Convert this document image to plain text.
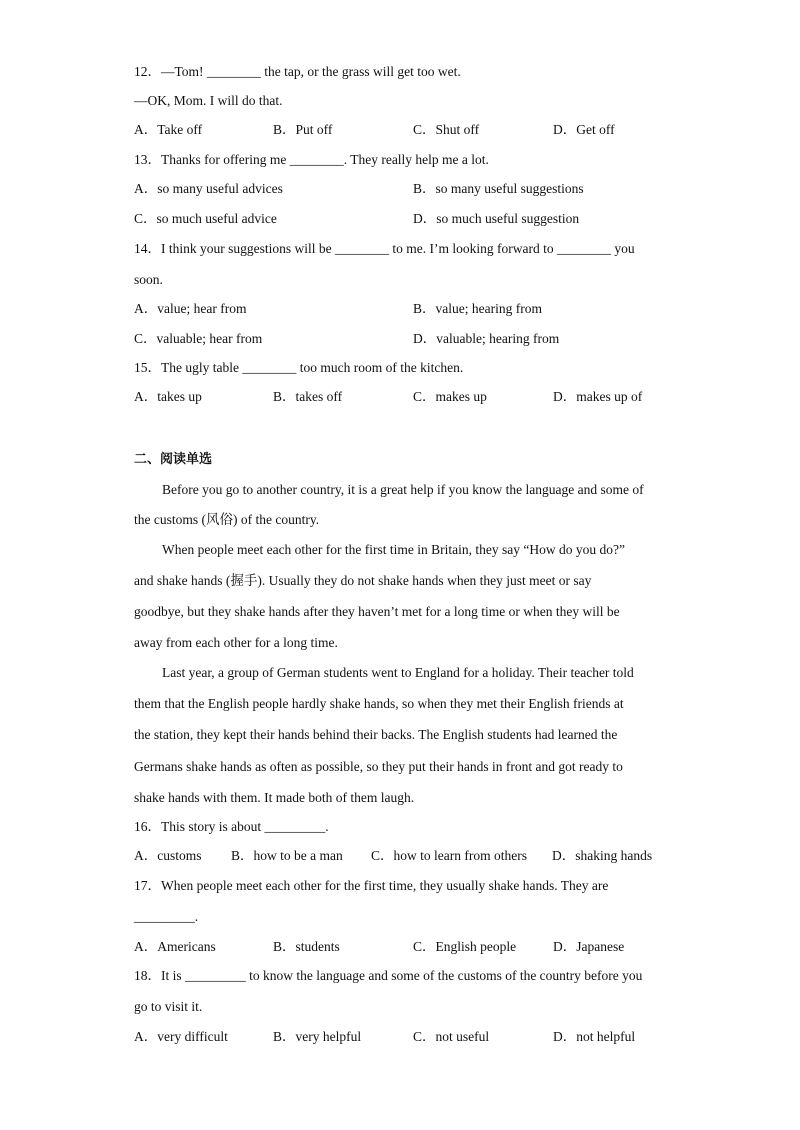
12．—Tom! ________ the tap, or the grass will get too wet.
—OK, Mom. I will do that.
A．Take off	B．Put off	C．Shut off	D．Get off
13．Thanks for offering me ________. They really help me a lot.
A．so many useful advices	B．so many useful suggestions
C．so much useful advice	D．so much useful suggestion
14．I think your suggestions will be ________ to me. I’m looking forward to ________ you
soon.
A．value; hear from	B．value; hearing from
C．valuable; hear from	D．valuable; hearing from
15．The ugly table ________ too much room of the kitchen.
A．takes up	B．takes off	C．makes up	D．makes up of
二、阅读单选
Before you go to another country, it is a great help if you know the language and some of
the customs (风俗) of the country.
When people meet each other for the first time in Britain, they say “How do you do?”
and shake hands (握手). Usually they do not shake hands when they just meet or say
goodbye, but they shake hands after they haven’t met for a long time or when they will be
away from each other for a long time.
Last year, a group of German students went to England for a holiday. Their teacher told
them that the English people hardly shake hands, so when they met their English friends at
the station, they kept their hands behind their backs. The English students had learned the
Germans shake hands as often as possible, so they put their hands in front and got ready to
shake hands with them. It made both of them laugh.
16．This story is about _________.
A．customs B．how to be a man C．how to learn from others D．shaking hands
17．When people meet each other for the first time, they usually shake hands. They are
_________.
A．Americans	B．students	C．English people	D．Japanese
18．It is _________ to know the language and some of the customs of the country before you
go to visit it.
A．very difficult	B．very helpful	C．not useful	D．not helpful
